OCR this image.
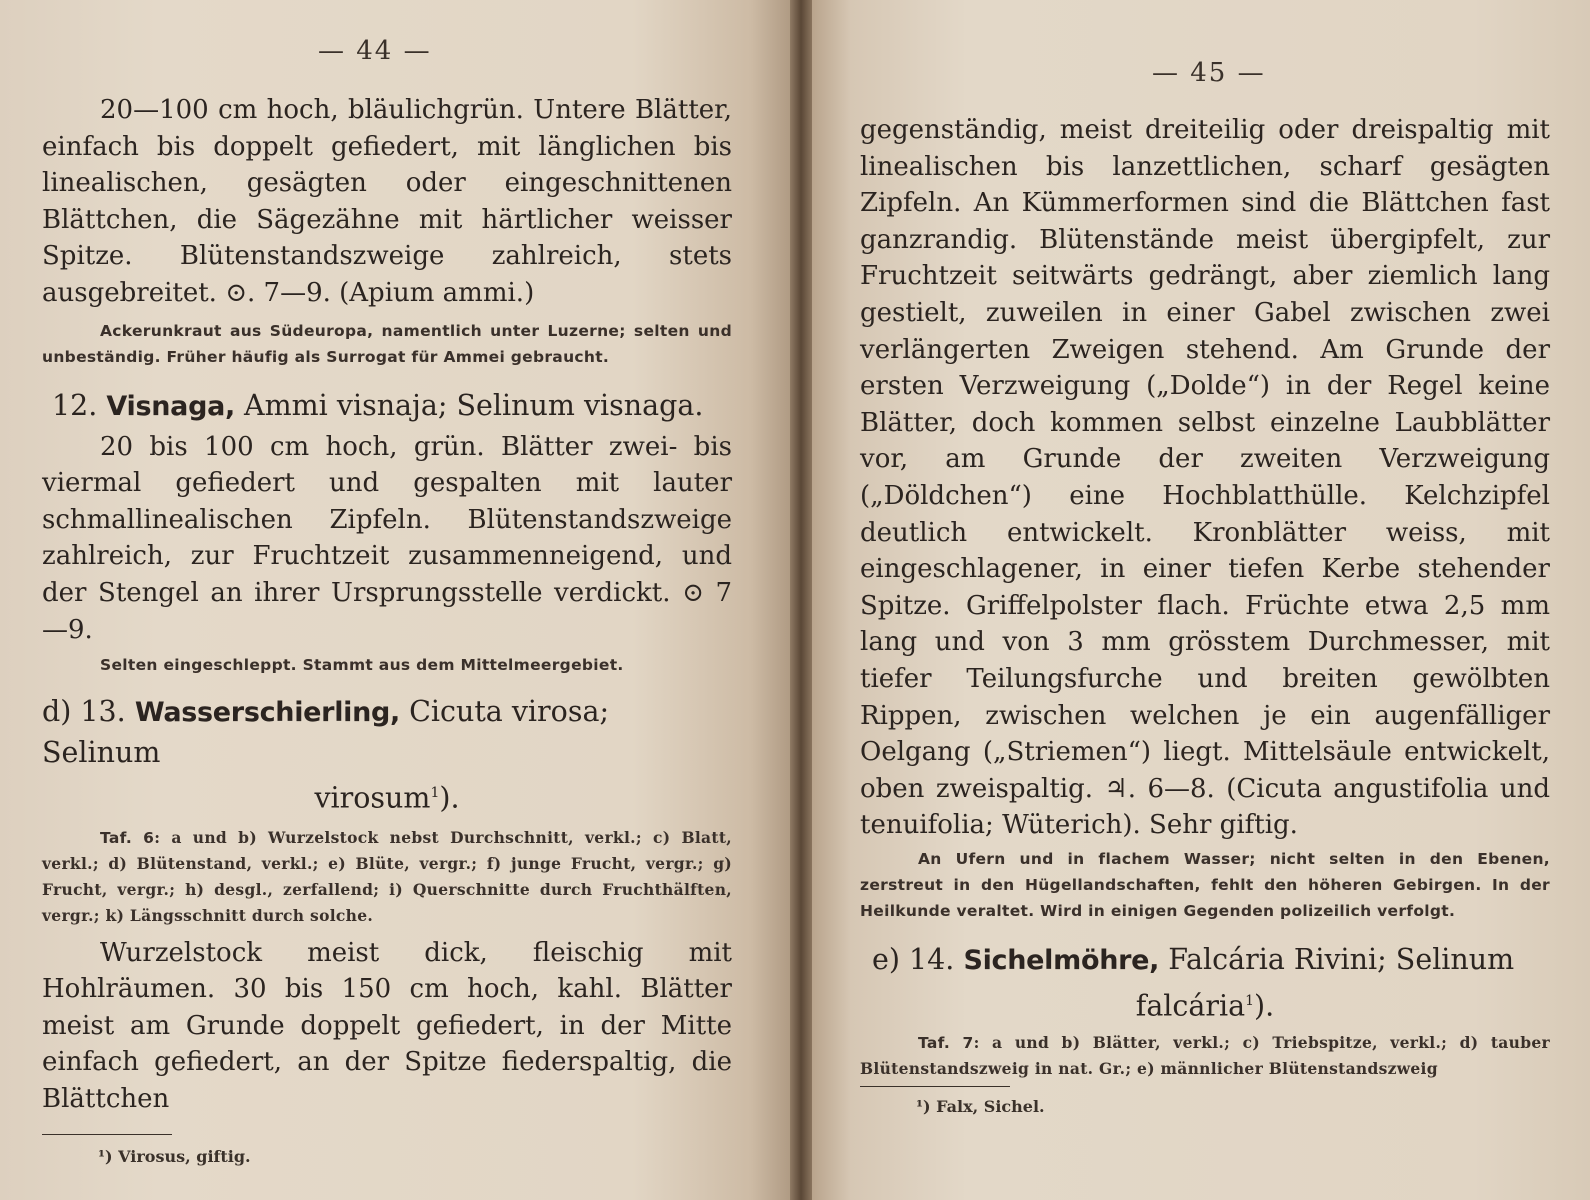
— 44 —

20—100 cm hoch, bläulichgrün. Untere Blätter, einfach bis doppelt gefiedert, mit länglichen bis linealischen, gesägten oder eingeschnittenen Blättchen, die Sägezähne mit härtlicher weisser Spitze. Blütenstandszweige zahlreich, stets ausgebreitet. ⊙. 7—9. (Apium ammi.)

Ackerunkraut aus Südeuropa, namentlich unter Luzerne; selten und unbeständig. Früher häufig als Surrogat für Ammei gebraucht.

12. Visnaga, Ammi visnaja; Selinum visnaga.

20 bis 100 cm hoch, grün. Blätter zwei- bis viermal gefiedert und gespalten mit lauter schmallinealischen Zipfeln. Blütenstandszweige zahlreich, zur Fruchtzeit zusammenneigend, und der Stengel an ihrer Ursprungsstelle verdickt. ⊙ 7—9.

Selten eingeschleppt. Stammt aus dem Mittelmeergebiet.

d) 13. Wasserschierling, Cicuta virosa; Selinum

virosum$^1$).

Taf. 6: a und b) Wurzelstock nebst Durchschnitt, verkl.; c) Blatt, verkl.; d) Blütenstand, verkl.; e) Blüte, vergr.; f) junge Frucht, vergr.; g) Frucht, vergr.; h) desgl., zerfallend; i) Querschnitte durch Fruchthälften, vergr.; k) Längsschnitt durch solche.

Wurzelstock meist dick, fleischig mit Hohlräumen. 30 bis 150 cm hoch, kahl. Blätter meist am Grunde doppelt gefiedert, in der Mitte einfach gefiedert, an der Spitze fiederspaltig, die Blättchen

¹) Virosus, giftig.

— 45 —

gegenständig, meist dreiteilig oder dreispaltig mit linealischen bis lanzettlichen, scharf gesägten Zipfeln. An Kümmerformen sind die Blättchen fast ganzrandig. Blütenstände meist übergipfelt, zur Fruchtzeit seitwärts gedrängt, aber ziemlich lang gestielt, zuweilen in einer Gabel zwischen zwei verlängerten Zweigen stehend. Am Grunde der ersten Verzweigung („Dolde“) in der Regel keine Blätter, doch kommen selbst einzelne Laubblätter vor, am Grunde der zweiten Verzweigung („Döldchen“) eine Hochblatthülle. Kelchzipfel deutlich entwickelt. Kronblätter weiss, mit eingeschlagener, in einer tiefen Kerbe stehender Spitze. Griffelpolster flach. Früchte etwa 2,5 mm lang und von 3 mm grösstem Durchmesser, mit tiefer Teilungsfurche und breiten gewölbten Rippen, zwischen welchen je ein augenfälliger Oelgang („Striemen“) liegt. Mittelsäule entwickelt, oben zweispaltig. ♃. 6—8. (Cicuta angustifolia und tenuifolia; Wüterich). Sehr giftig.

An Ufern und in flachem Wasser; nicht selten in den Ebenen, zerstreut in den Hügellandschaften, fehlt den höheren Gebirgen. In der Heilkunde veraltet. Wird in einigen Gegenden polizeilich verfolgt.

e) 14. Sichelmöhre, Falcária Rivini; Selinum

falcária$^1$).

Taf. 7: a und b) Blätter, verkl.; c) Triebspitze, verkl.; d) tauber Blütenstandszweig in nat. Gr.; e) männlicher Blütenstandszweig

¹) Falx, Sichel.
